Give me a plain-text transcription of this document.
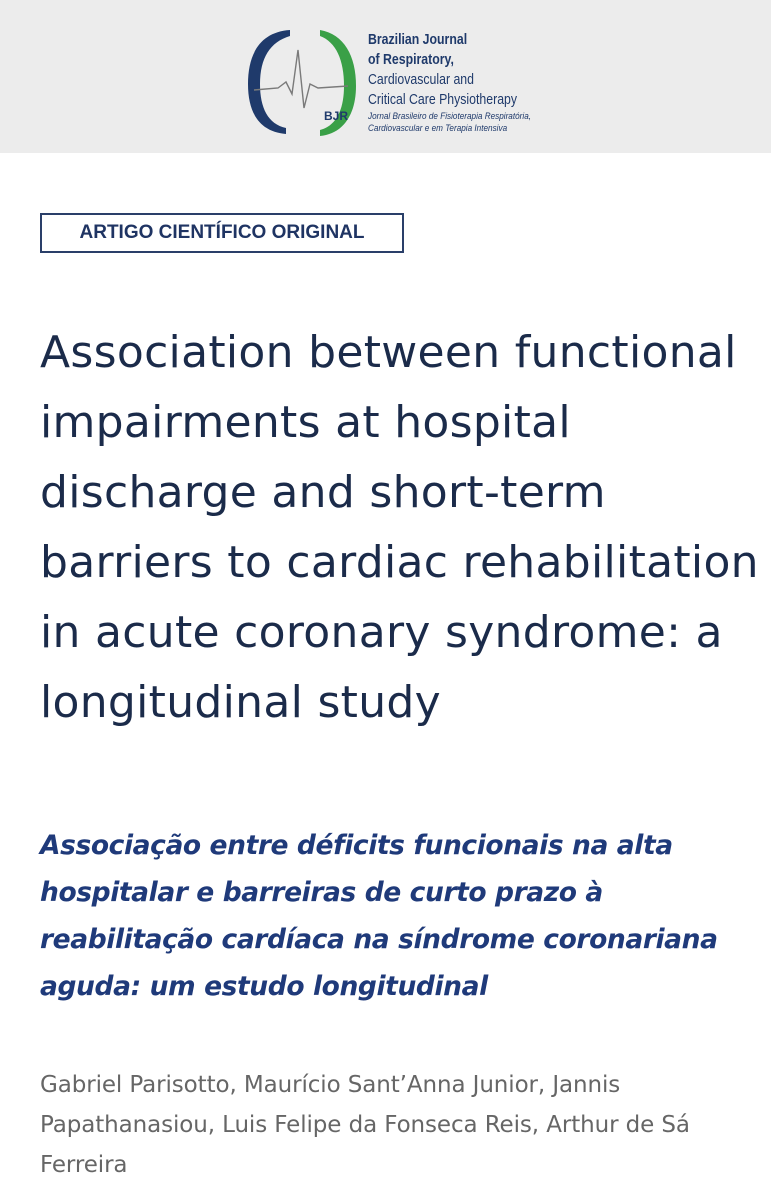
BJR
Brazilian Journal
of Respiratory,
Cardiovascular and
Critical Care Physiotherapy
Jornal Brasileiro de Fisioterapia Respiratória,
Cardiovascular e em Terapia Intensiva
ARTIGO CIENTÍFICO ORIGINAL
Association between functional impairments at hospital discharge and short-term barriers to cardiac rehabilitation in acute coronary syndrome: a longitudinal study
Associação entre déficits funcionais na alta hospitalar e barreiras de curto prazo à reabilitação cardíaca na síndrome coronariana aguda: um estudo longitudinal

Gabriel Parisotto, Maurício Sant’Anna Junior, Jannis Papathanasiou, Luis Felipe da Fonseca Reis, Arthur de Sá Ferreira
